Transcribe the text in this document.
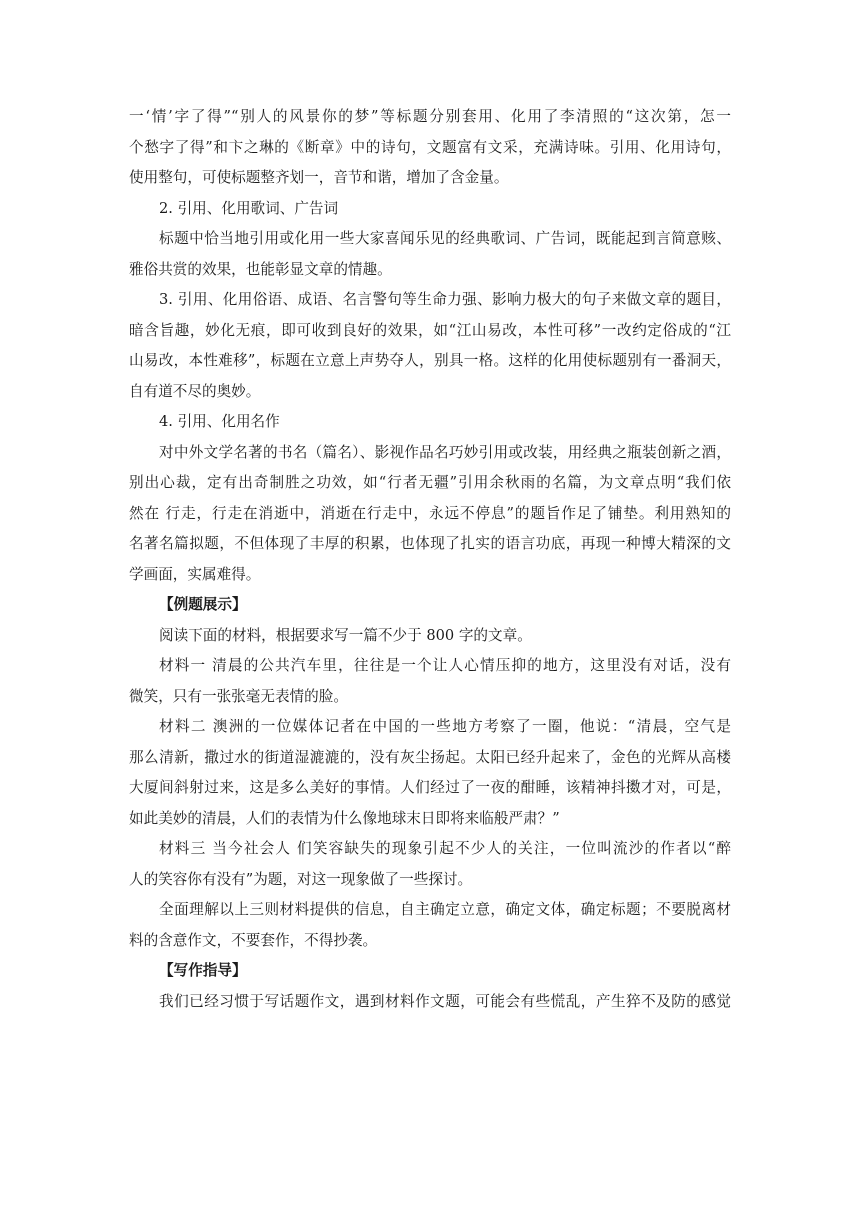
一‘情’字了得”“别人的风景你的梦”等标题分别套用、化用了李清照的“这次第，怎一

个愁字了得”和卞之琳的《断章》中的诗句，文题富有文采，充满诗味。引用、化用诗句，

使用整句，可使标题整齐划一，音节和谐，增加了含金量。

2. 引用、化用歌词、广告词

标题中恰当地引用或化用一些大家喜闻乐见的经典歌词、广告词，既能起到言简意赅、

雅俗共赏的效果，也能彰显文章的情趣。

3. 引用、化用俗语、成语、名言警句等生命力强、影响力极大的句子来做文章的题目，

暗含旨趣，妙化无痕，即可收到良好的效果，如“江山易改，本性可移”一改约定俗成的“江

山易改，本性难移”，标题在立意上声势夺人，别具一格。这样的化用使标题别有一番洞天，

自有道不尽的奥妙。

4. 引用、化用名作

对中外文学名著的书名（篇名）、影视作品名巧妙引用或改装，用经典之瓶装创新之酒，

别出心裁，定有出奇制胜之功效，如“行者无疆”引用余秋雨的名篇，为文章点明“我们依

然在 行走，行走在消逝中，消逝在行走中，永远不停息”的题旨作足了铺垫。利用熟知的

名著名篇拟题，不但体现了丰厚的积累，也体现了扎实的语言功底，再现一种博大精深的文

学画面，实属难得。

【例题展示】

阅读下面的材料，根据要求写一篇不少于 800 字的文章。

材料一 清晨的公共汽车里，往往是一个让人心情压抑的地方，这里没有对话，没有

微笑，只有一张张毫无表情的脸。

材料二 澳洲的一位媒体记者在中国的一些地方考察了一圈，他说：“清晨，空气是

那么清新，撒过水的街道湿漉漉的，没有灰尘扬起。太阳已经升起来了，金色的光辉从高楼

大厦间斜射过来，这是多么美好的事情。人们经过了一夜的酣睡，该精神抖擞才对，可是，

如此美妙的清晨，人们的表情为什么像地球末日即将来临般严肃？”

材料三 当今社会人 们笑容缺失的现象引起不少人的关注，一位叫流沙的作者以“醉

人的笑容你有没有”为题，对这一现象做了一些探讨。

全面理解以上三则材料提供的信息，自主确定立意，确定文体，确定标题；不要脱离材

料的含意作文，不要套作，不得抄袭。

【写作指导】

我们已经习惯于写话题作文，遇到材料作文题，可能会有些慌乱，产生猝不及防的感觉
